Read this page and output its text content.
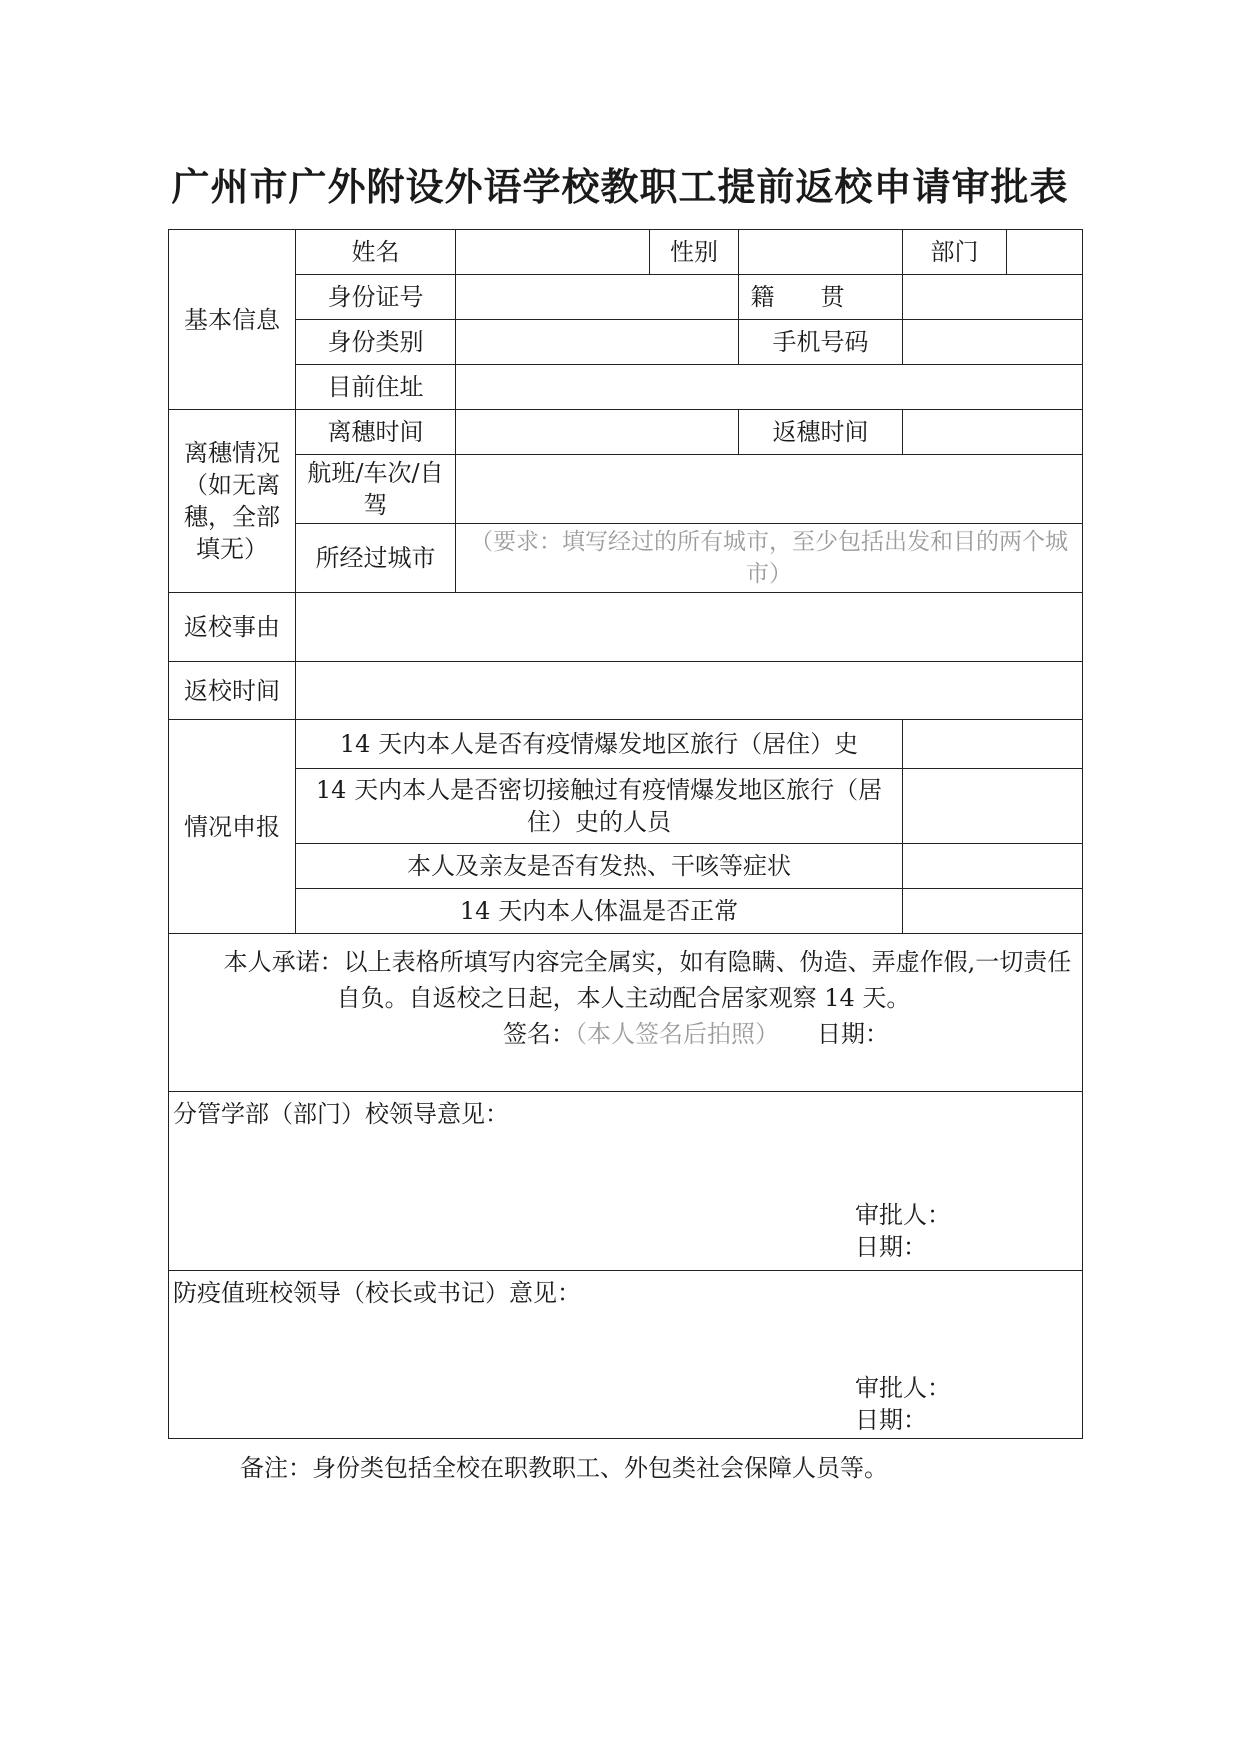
广州市广外附设外语学校教职工提前返校申请审批表
基本信息	姓名		性别		部门	
	身份证号			籍贯		
	身份类别			手机号码		
	目前住址					
离穗情况（如无离穗，全部填无）	离穗时间			返穗时间		
	航班/车次/自驾					
	所经过城市	（要求：填写经过的所有城市，至少包括出发和目的两个城市）				
返校事由						
返校时间						
情况申报	14 天内本人是否有疫情爆发地区旅行（居住）史					
	14 天内本人是否密切接触过有疫情爆发地区旅行（居住）史的人员					
	本人及亲友是否有发热、干咳等症状					
	14 天内本人体温是否正常					
本人承诺：以上表格所填写内容完全属实，如有隐瞒、伪造、弄虚作假,一切责任自负。自返校之日起，本人主动配合居家观察 14 天。
签名：（本人签名后拍照） 日期：						

分管学部（部门）校领导意见：
审批人：
日期：						

防疫值班校领导（校长或书记）意见：
审批人：
日期：						
备注：身份类包括全校在职教职工、外包类社会保障人员等。
